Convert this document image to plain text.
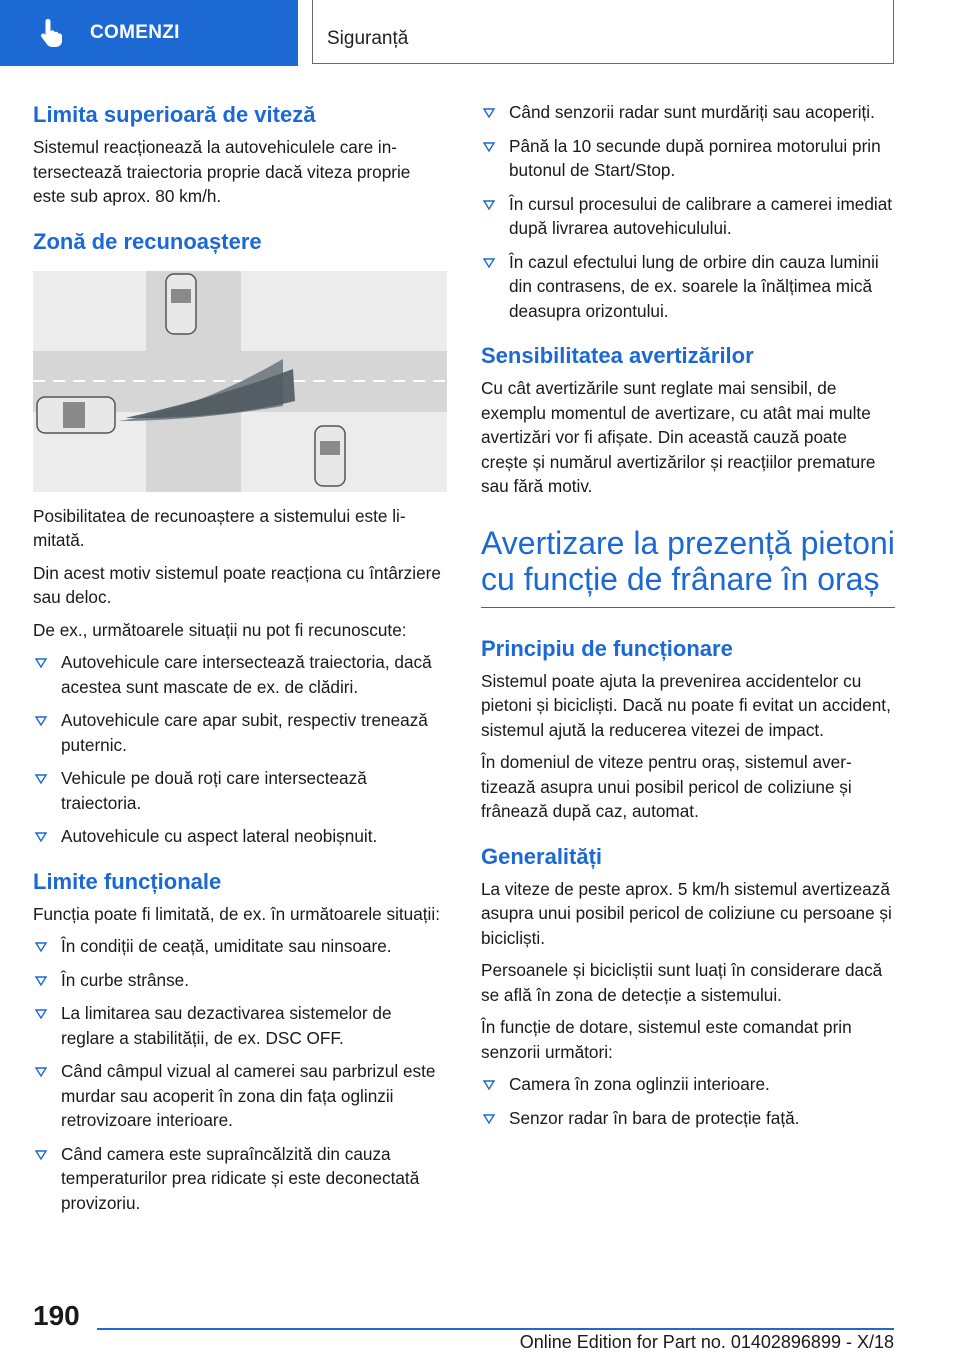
COMENZI	Siguranță
Limita superioară de viteză

Sistemul reacționează la autovehiculele care intersectează traiectoria proprie dacă viteza proprie este sub aprox. 80 km/h.

Zonă de recunoaștere

Posibilitatea de recunoaștere a sistemului este limitată.

Din acest motiv sistemul poate reacționa cu întârziere sau deloc.

De ex., următoarele situații nu pot fi recunoscute:

Autovehicule care intersectează traiectoria, dacă acestea sunt mascate de ex. de clădiri.
Autovehicule care apar subit, respectiv trenează puternic.
Vehicule pe două roți care intersectează traiectoria.
Autovehicule cu aspect lateral neobișnuit.
Limite funcționale

Funcția poate fi limitată, de ex. în următoarele situații:

În condiții de ceață, umiditate sau ninsoare.
În curbe strânse.
La limitarea sau dezactivarea sistemelor de reglare a stabilității, de ex. DSC OFF.
Când câmpul vizual al camerei sau parbrizul este murdar sau acoperit în zona din fața oglinzii retrovizoare interioare.
Când camera este supraîncălzită din cauza temperaturilor prea ridicate și este deconectată provizoriu.
Când senzorii radar sunt murdăriți sau acoperiți.
Până la 10 secunde după pornirea motorului prin butonul de Start/Stop.
În cursul procesului de calibrare a camerei imediat după livrarea autovehiculului.
În cazul efectului lung de orbire din cauza luminii din contrasens, de ex. soarele la înălțimea mică deasupra orizontului.
Sensibilitatea avertizărilor

Cu cât avertizările sunt reglate mai sensibil, de exemplu momentul de avertizare, cu atât mai multe avertizări vor fi afișate. Din această cauză poate crește și numărul avertizărilor și reacțiilor premature sau fără motiv.

Avertizare la prezență pietoni cu funcție de frânare în oraș
Principiu de funcționare

Sistemul poate ajuta la prevenirea accidentelor cu pietoni și bicicliști. Dacă nu poate fi evitat un accident, sistemul ajută la reducerea vitezei de impact.

În domeniul de viteze pentru oraș, sistemul avertizează asupra unui posibil pericol de coliziune și frânează după caz, automat.

Generalități

La viteze de peste aprox. 5 km/h sistemul avertizează asupra unui posibil pericol de coliziune cu persoane și bicicliști.

Persoanele și bicicliștii sunt luați în considerare dacă se află în zona de detecție a sistemului.

În funcție de dotare, sistemul este comandat prin senzorii următori:

Camera în zona oglinzii interioare.
Senzor radar în bara de protecție față.
190
Online Edition for Part no. 01402896899 - X/18
